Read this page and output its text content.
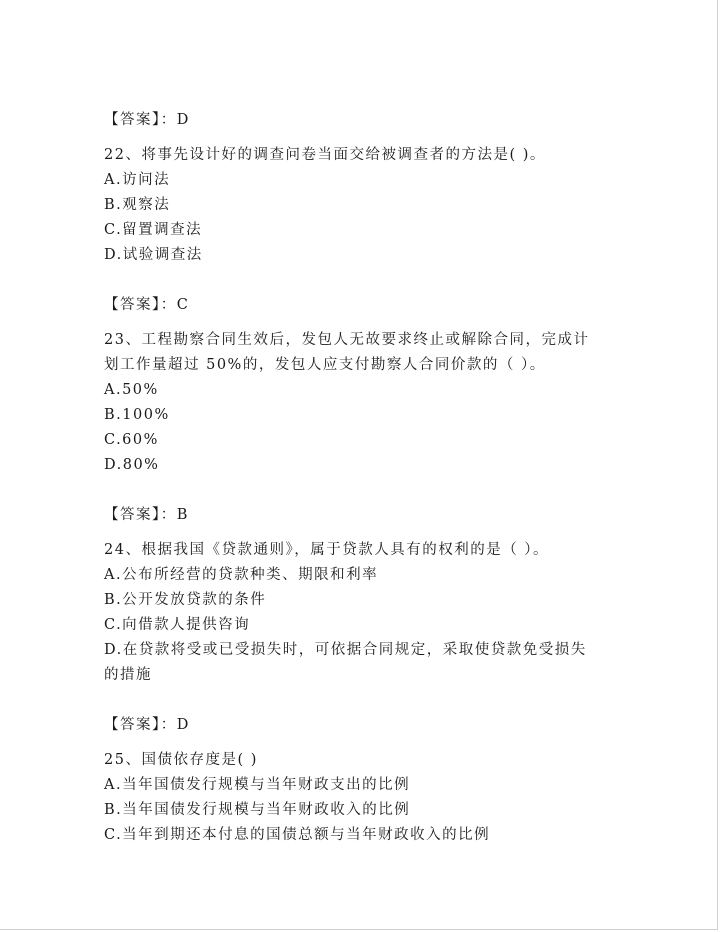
【答案】：D
22、将事先设计好的调查问卷当面交给被调查者的方法是( )。
A.访问法
B.观察法
C.留置调查法
D.试验调查法
【答案】：C
23、工程勘察合同生效后，发包人无故要求终止或解除合同，完成计
划工作量超过 50%的，发包人应支付勘察人合同价款的（ ）。
A.50%
B.100%
C.60%
D.80%
【答案】：B
24、根据我国《贷款通则》，属于贷款人具有的权利的是（ ）。
A.公布所经营的贷款种类、期限和利率
B.公开发放贷款的条件
C.向借款人提供咨询
D.在贷款将受或已受损失时，可依据合同规定，采取使贷款免受损失
的措施
【答案】：D
25、国债依存度是( )
A.当年国债发行规模与当年财政支出的比例
B.当年国债发行规模与当年财政收入的比例
C.当年到期还本付息的国债总额与当年财政收入的比例
